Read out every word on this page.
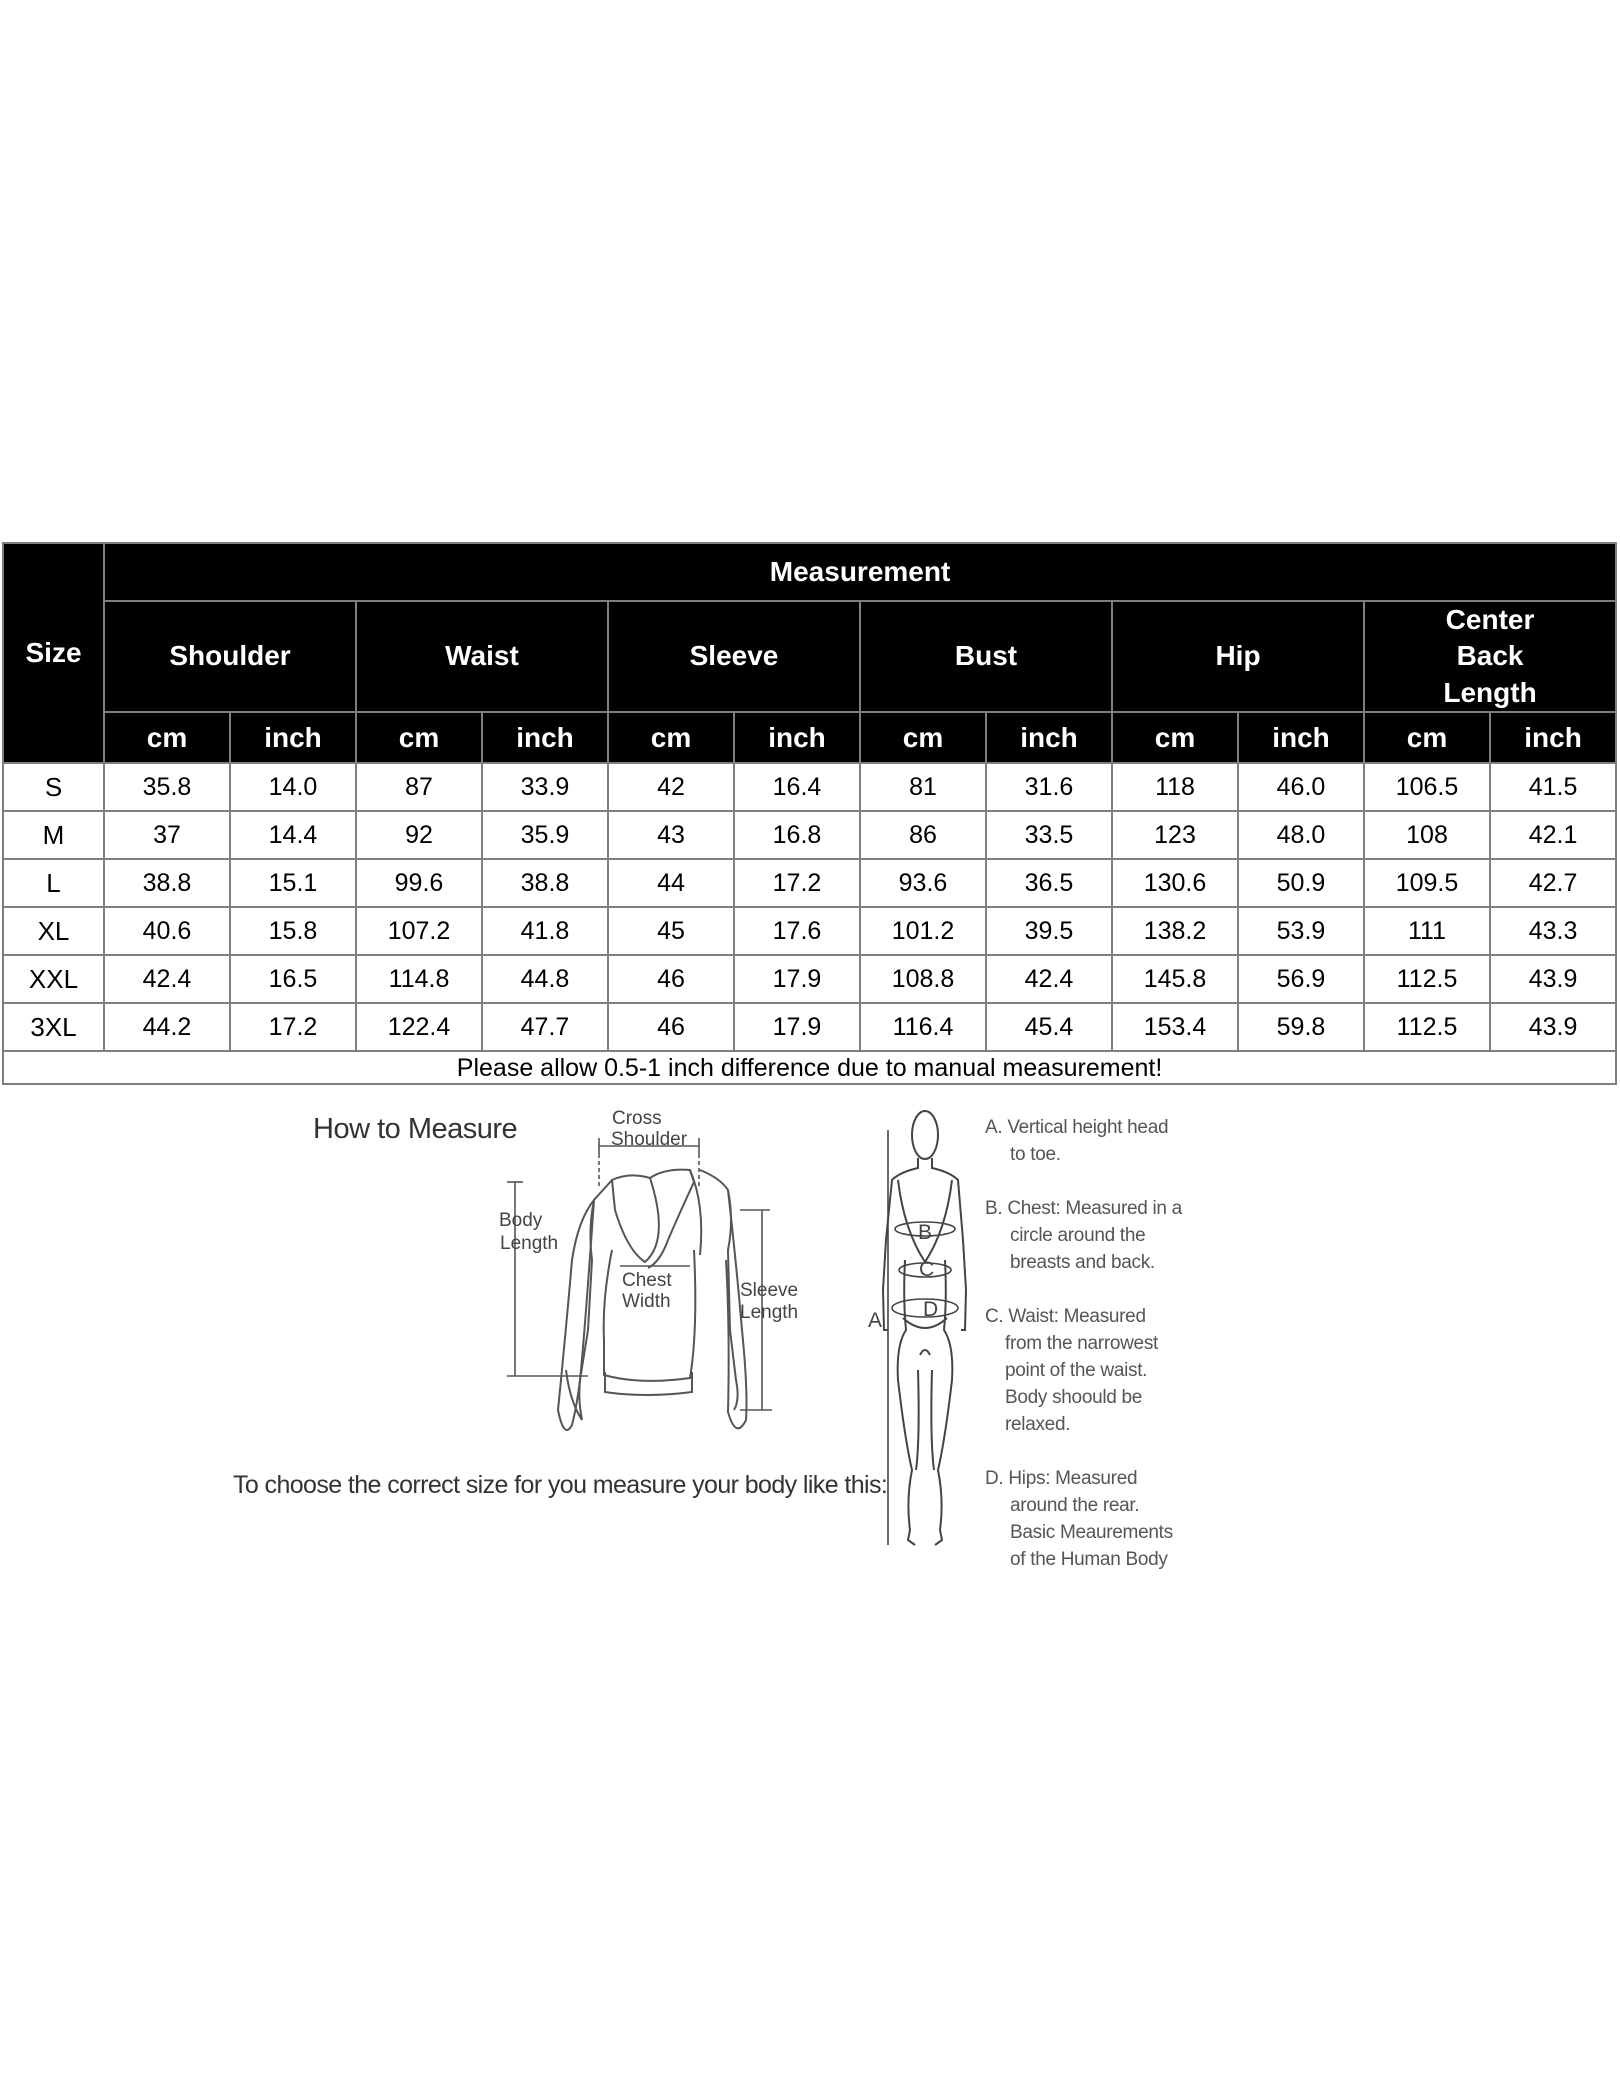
Size	Measurement											
	Shoulder		Waist		Sleeve		Bust		Hip		Center Back Length	
	cm	inch	cm	inch	cm	inch	cm	inch	cm	inch	cm	inch
S	35.8	14.0	87	33.9	42	16.4	81	31.6	118	46.0	106.5	41.5
M	37	14.4	92	35.9	43	16.8	86	33.5	123	48.0	108	42.1
L	38.8	15.1	99.6	38.8	44	17.2	93.6	36.5	130.6	50.9	109.5	42.7
XL	40.6	15.8	107.2	41.8	45	17.6	101.2	39.5	138.2	53.9	111	43.3
XXL	42.4	16.5	114.8	44.8	46	17.9	108.8	42.4	145.8	56.9	112.5	43.9
3XL	44.2	17.2	122.4	47.7	46	17.9	116.4	45.4	153.4	59.8	112.5	43.9
Please allow 0.5-1 inch difference due to manual measurement!												
How to Measure	Cross
Shoulder
Body
Length
Chest
Width
Sleeve
Length
B
C
D
A
To choose the correct size for you measure your body like this:
A. Vertical height head
to toe.
B. Chest: Measured in a
circle around the
breasts and back.
C. Waist: Measured
from the narrowest
point of the waist.
Body shoould be
relaxed.
D. Hips: Measured
around the rear.
Basic Meaurements
of the Human Body
